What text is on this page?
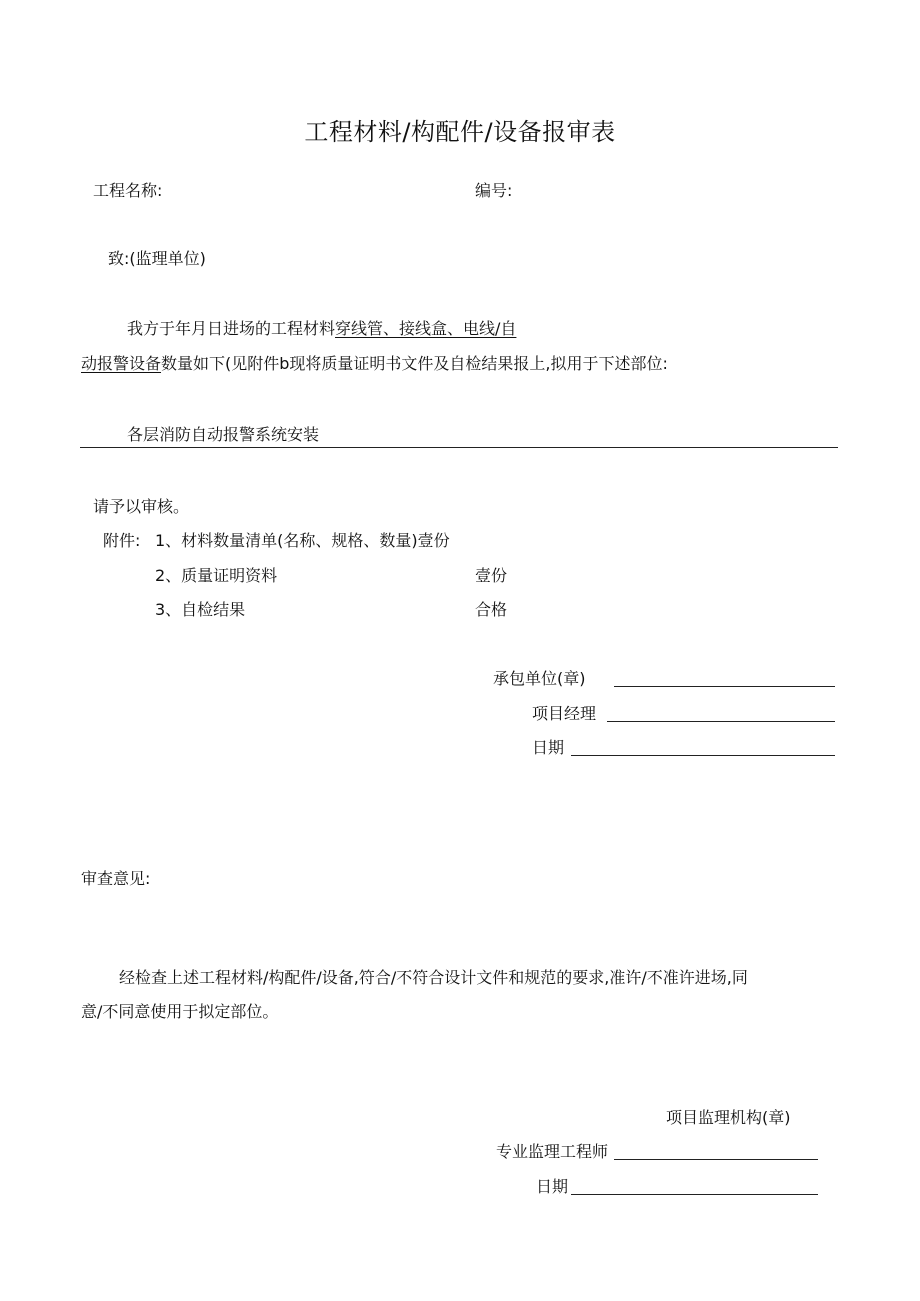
工程材料/构配件/设备报审表
工程名称:	编号:
致:(监理单位)
我方于年月日进场的工程材料穿线管、接线盒、电线/自
动报警设备数量如下(见附件b现将质量证明书文件及自检结果报上,拟用于下述部位:
各层消防自动报警系统安装
请予以审核。
附件: 1、材料数量清单(名称、规格、数量)壹份
2、质量证明资料	壹份
3、自检结果	合格
承包单位(章)
项目经理
日期
审查意见:
经检查上述工程材料/构配件/设备,符合/不符合设计文件和规范的要求,准许/不准许进场,同
意/不同意使用于拟定部位。
项目监理机构(章)
专业监理工程师
日期
